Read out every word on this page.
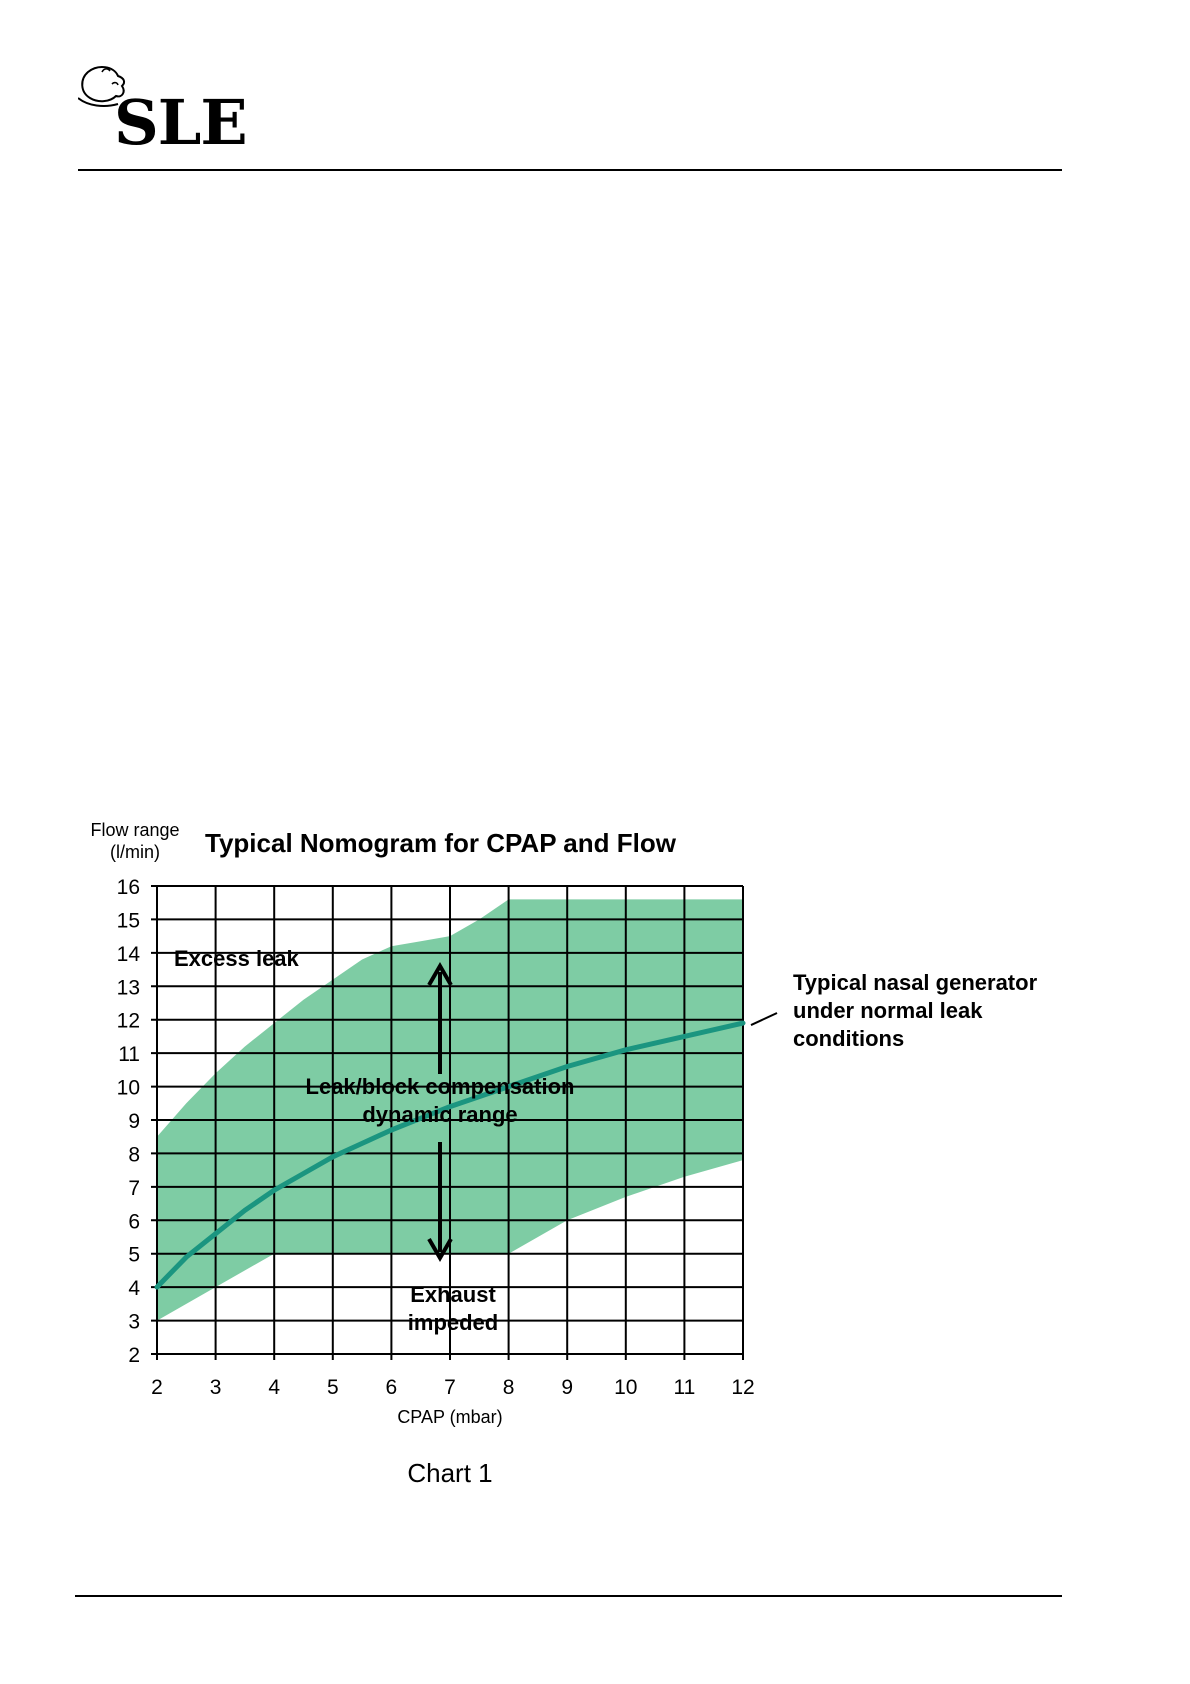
SLE
2 3 4 5 6 7 8 9 10 11 12
2
3
4
5
6
7
8
9
10
11
12
13
14
15
16
Flow range
(l/min)
CPAP (mbar)
Typical Nomogram for CPAP and Flow
Excess leak
Leak/block compensation
dynamic range
Exhaust
impeded
Typical nasal generator
under normal leak
conditions
Chart 1
